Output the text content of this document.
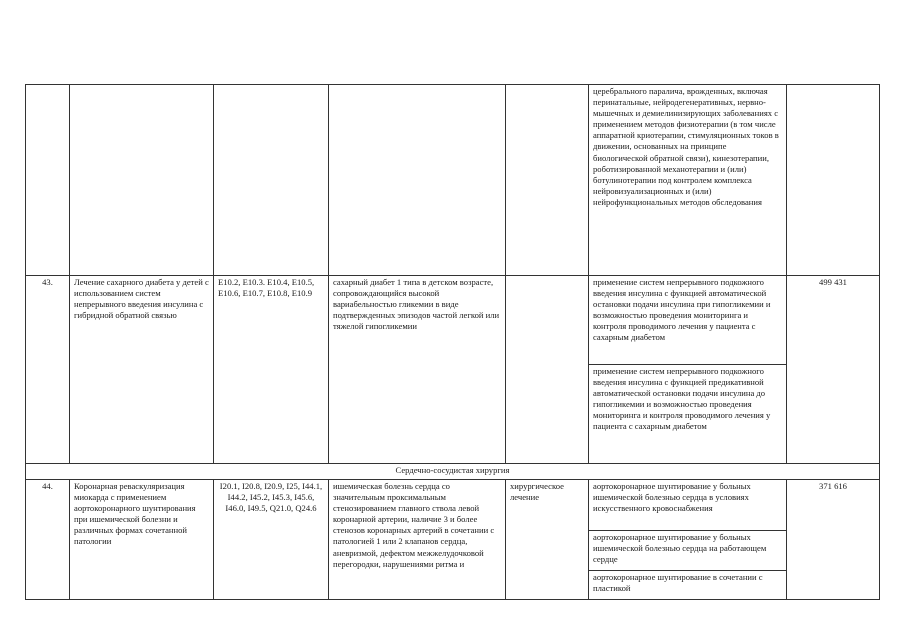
					церебрального паралича, врожденных, включая перинатальные, нейродегенеративных, нервно-мышечных и демиелинизирующих заболеваниях с применением методов физиотерапии (в том числе аппаратной криотерапии, стимуляционных токов в движении, основанных на принципе биологической обратной связи), кинезотерапии, роботизированной механотерапии и (или) ботулинотерапии под контролем комплекса нейровизуализационных и (или) нейрофункциональных методов обследования	
43.	Лечение сахарного диабета у детей с использованием систем непрерывного введения инсулина с гибридной обратной связью	E10.2, E10.3. E10.4, E10.5, E10.6, E10.7, E10.8, E10.9	сахарный диабет 1 типа в детском возрасте, сопровождающийся высокой вариабельностью гликемии в виде подтвержденных эпизодов частой легкой или тяжелой гипогликемии		применение систем непрерывного подкожного введения инсулина с функцией автоматической остановки подачи инсулина при гипогликемии и возможностью проведения мониторинга и контроля проводимого лечения у пациента с сахарным диабетом	499 431
					применение систем непрерывного подкожного введения инсулина с функцией предикативной автоматической остановки подачи инсулина до гипогликемии и возможностью проведения мониторинга и контроля проводимого лечения у пациента с сахарным диабетом	
Сердечно-сосудистая хирургия						
44.	Коронарная реваскуляризация миокарда с применением аортокоронарного шунтирования при ишемической болезни и различных формах сочетанной патологии	I20.1, I20.8, I20.9, I25, I44.1, I44.2, I45.2, I45.3, I45.6, I46.0, I49.5, Q21.0, Q24.6	ишемическая болезнь сердца со значительным проксимальным стенозированием главного ствола левой коронарной артерии, наличие 3 и более стенозов коронарных артерий в сочетании с патологией 1 или 2 клапанов сердца, аневризмой, дефектом межжелудочковой перегородки, нарушениями ритма и	хирургическое лечение	аортокоронарное шунтирование у больных ишемической болезнью сердца в условиях искусственного кровоснабжения	371 616
					аортокоронарное шунтирование у больных ишемической болезнью сердца на работающем сердце	
					аортокоронарное шунтирование в сочетании с пластикой	
